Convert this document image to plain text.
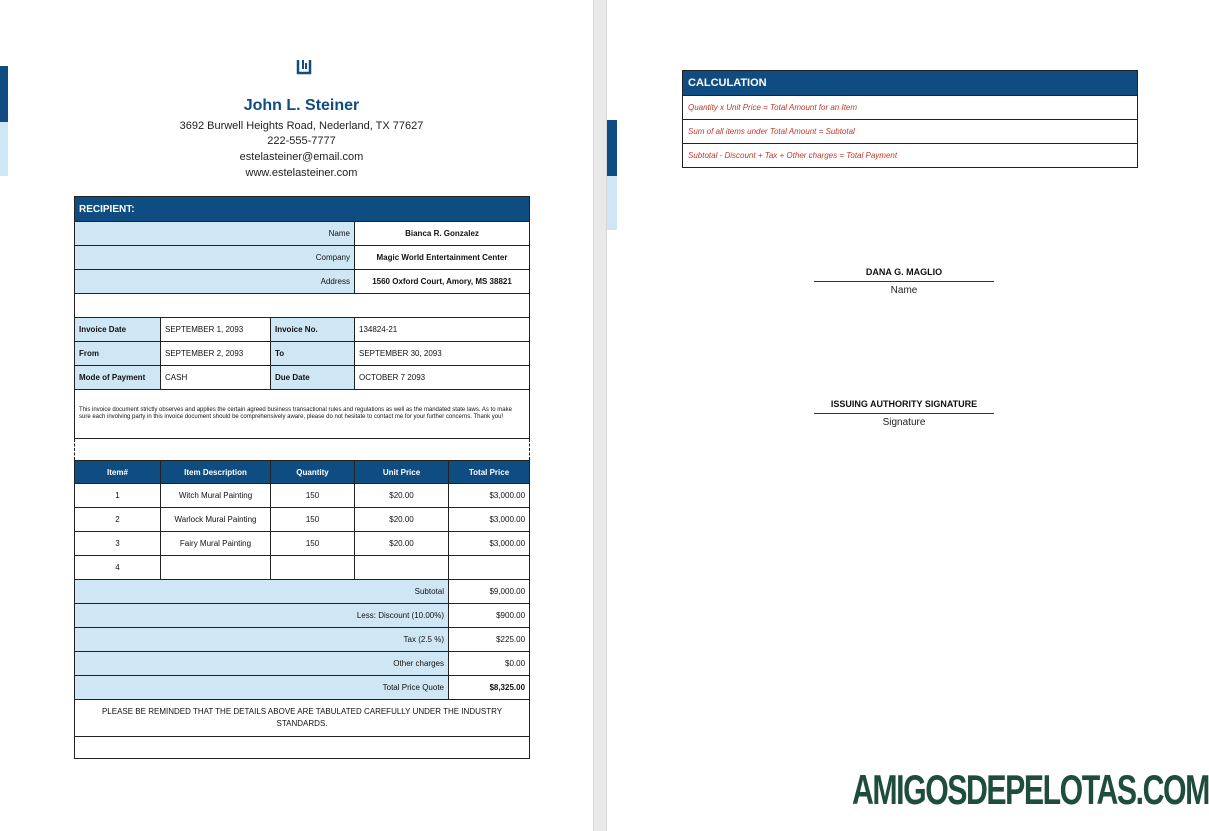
John L. Steiner
3692 Burwell Heights Road, Nederland, TX 77627
222-555-7777
estelasteiner@email.com
www.estelasteiner.com
RECIPIENT:				
Name			Bianca R. Gonzalez	
Company			Magic World Entertainment Center	
Address			1560 Oxford Court, Amory, MS 38821	

Invoice Date	SEPTEMBER 1, 2093	Invoice No.	134824-21	
From	SEPTEMBER 2, 2093	To	SEPTEMBER 30, 2093	
Mode of Payment	CASH	Due Date	OCTOBER 7 2093	
This invoice document strictly observes and applies the certain agreed business transactional rules and regulations as well as the mandated state laws. As to make sure each involving party in this invoice document should be comprehensively aware, please do not hesitate to contact me for your further concerns. Thank you!				

Item#	Item Description	Quantity	Unit Price	Total Price
1	Witch Mural Painting	150	$20.00	$3,000.00
2	Warlock Mural Painting	150	$20.00	$3,000.00
3	Fairy Mural Painting	150	$20.00	$3,000.00
4				
Subtotal				$9,000.00
Less: Discount (10.00%)				$900.00
Tax (2.5 %)				$225.00
Other charges				$0.00
Total Price Quote				$8,325.00
PLEASE BE REMINDED THAT THE DETAILS ABOVE ARE TABULATED CAREFULLY UNDER THE INDUSTRY STANDARDS.				

CALCULATION
Quantity x Unit Price = Total Amount for an Item
Sum of all items under Total Amount = Subtotal
Subtotal - Discount + Tax + Other charges = Total Payment
DANA G. MAGLIO
Name
ISSUING AUTHORITY SIGNATURE
Signature
AMIGOSDEPELOTAS.COM
